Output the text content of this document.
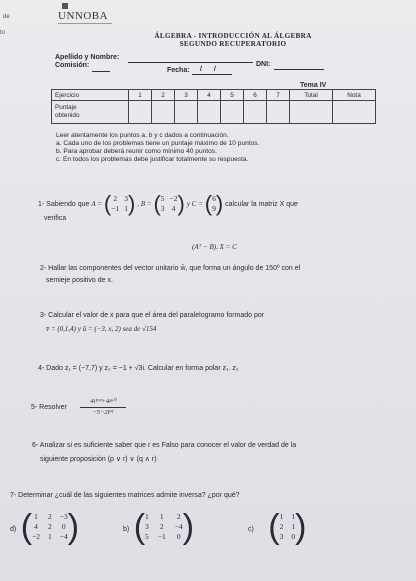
de
to
UNNOBA
ÁLGEBRA - INTRODUCCIÓN AL ÁLGEBRA
SEGUNDO RECUPERATORIO
Apellido y Nombre:
DNI:
Comisión:
Fecha: / /
Tema IV
Ejercicio	1	2	3	4	5	6	7	Total	Nota

Puntaje
obtenido									

Leer atentamente los puntos a, b y c dados a continuación.
a. Cada uno de los problemas tiene un puntaje máximo de 10 puntos.
b. Para aprobar deberá reunir como mínimo 40 puntos.
c. En todos los problemas debe justificar totalmente su respuesta.
1- Sabiendo que A = ( 2 3
−1 1 ) , B = ( 5 −2
3 4 ) y C = ( 6
9 ) calcular la matriz X que
verifica
(Aᵀ − B). X = C
2- Hallar las componentes del vector unitario w̄, que forma un ángulo de 150º con el
semieje positivo de x.
3- Calcular el valor de x para que el área del paralelogramo formado por
v̄ = (0,1,4) y ū = (−3, x, 2) sea de √154
4- Dado z₁ = (−7,7) y z₂ = −1 + √3i. Calcular en forma polar z₁. z₂
5- Resolver
4i¹⁹³+4i⁶⁰
−5−2i⁹¹
6- Analizar si es suficiente saber que r es Falso para conocer el valor de verdad de la
siguiente proposición (p ∨ r) ∨ (q ∧ r)
7- Determinar ¿cuál de las siguientes matrices admite inversa? ¿por qué?
d) ( 1 2 −3
4 2 0
−2 1 −4 )	b) ( 1 1 2
3 2 −4
5 −1 0 )	c) ( 1 1
2 1
3 0 )
